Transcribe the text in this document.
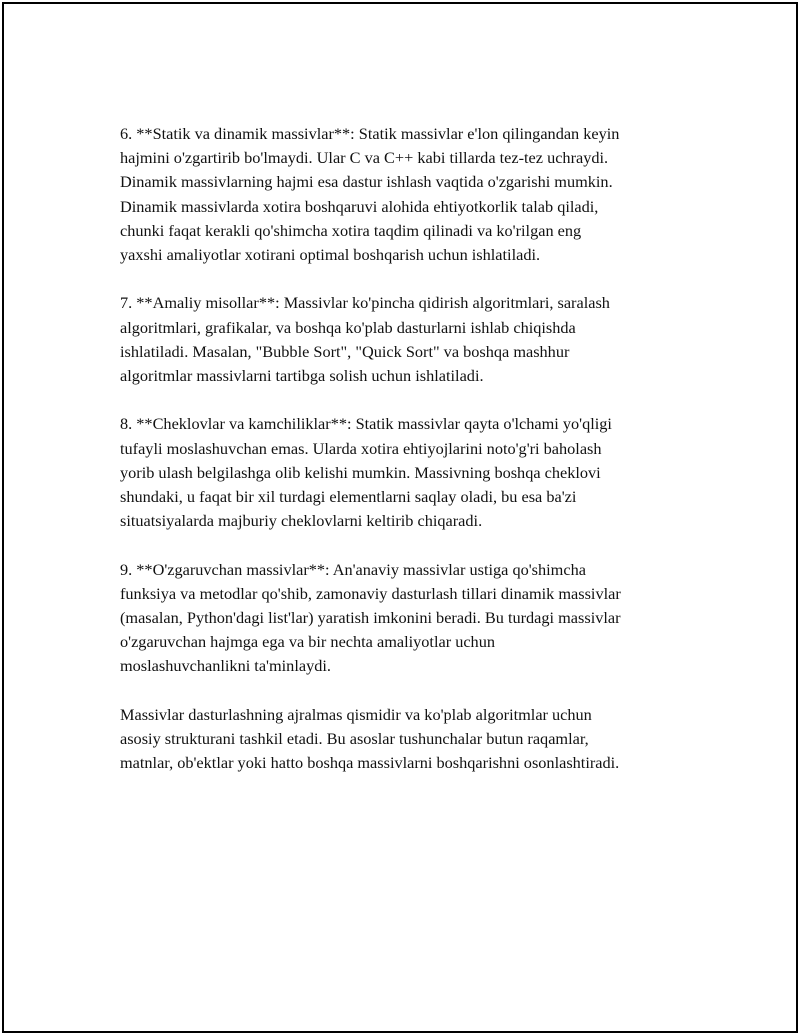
6. **Statik va dinamik massivlar**: Statik massivlar e'lon qilingandan keyin
hajmini o'zgartirib bo'lmaydi. Ular C va C++ kabi tillarda tez-tez uchraydi.
Dinamik massivlarning hajmi esa dastur ishlash vaqtida o'zgarishi mumkin.
Dinamik massivlarda xotira boshqaruvi alohida ehtiyotkorlik talab qiladi,
chunki faqat kerakli qo'shimcha xotira taqdim qilinadi va ko'rilgan eng
yaxshi amaliyotlar xotirani optimal boshqarish uchun ishlatiladi.

7. **Amaliy misollar**: Massivlar ko'pincha qidirish algoritmlari, saralash
algoritmlari, grafikalar, va boshqa ko'plab dasturlarni ishlab chiqishda
ishlatiladi. Masalan, "Bubble Sort", "Quick Sort" va boshqa mashhur
algoritmlar massivlarni tartibga solish uchun ishlatiladi.

8. **Cheklovlar va kamchiliklar**: Statik massivlar qayta o'lchami yo'qligi
tufayli moslashuvchan emas. Ularda xotira ehtiyojlarini noto'g'ri baholash
yorib ulash belgilashga olib kelishi mumkin. Massivning boshqa cheklovi
shundaki, u faqat bir xil turdagi elementlarni saqlay oladi, bu esa ba'zi
situatsiyalarda majburiy cheklovlarni keltirib chiqaradi.

9. **O'zgaruvchan massivlar**: An'anaviy massivlar ustiga qo'shimcha
funksiya va metodlar qo'shib, zamonaviy dasturlash tillari dinamik massivlar
(masalan, Python'dagi list'lar) yaratish imkonini beradi. Bu turdagi massivlar
o'zgaruvchan hajmga ega va bir nechta amaliyotlar uchun
moslashuvchanlikni ta'minlaydi.

Massivlar dasturlashning ajralmas qismidir va ko'plab algoritmlar uchun
asosiy strukturani tashkil etadi. Bu asoslar tushunchalar butun raqamlar,
matnlar, ob'ektlar yoki hatto boshqa massivlarni boshqarishni osonlashtiradi.
